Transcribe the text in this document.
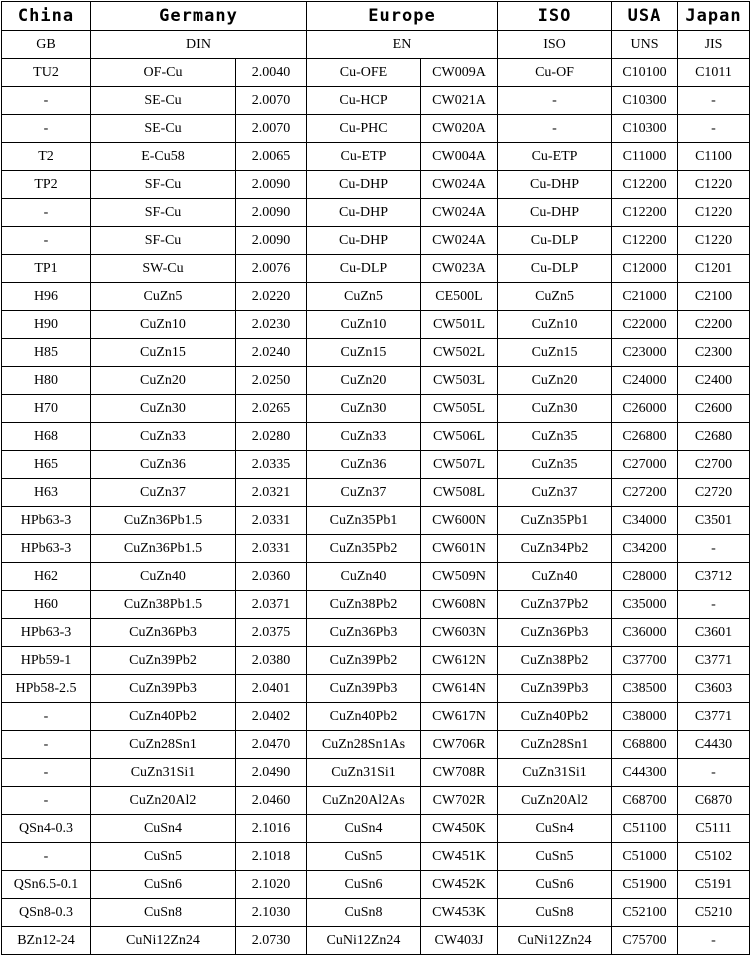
China	Germany		Europe		ISO	USA	Japan
GB	DIN		EN		ISO	UNS	JIS
TU2	OF-Cu	2.0040	Cu-OFE	CW009A	Cu-OF	C10100	C1011
-	SE-Cu	2.0070	Cu-HCP	CW021A	-	C10300	-
-	SE-Cu	2.0070	Cu-PHC	CW020A	-	C10300	-
T2	E-Cu58	2.0065	Cu-ETP	CW004A	Cu-ETP	C11000	C1100
TP2	SF-Cu	2.0090	Cu-DHP	CW024A	Cu-DHP	C12200	C1220
-	SF-Cu	2.0090	Cu-DHP	CW024A	Cu-DHP	C12200	C1220
-	SF-Cu	2.0090	Cu-DHP	CW024A	Cu-DLP	C12200	C1220
TP1	SW-Cu	2.0076	Cu-DLP	CW023A	Cu-DLP	C12000	C1201
H96	CuZn5	2.0220	CuZn5	CE500L	CuZn5	C21000	C2100
H90	CuZn10	2.0230	CuZn10	CW501L	CuZn10	C22000	C2200
H85	CuZn15	2.0240	CuZn15	CW502L	CuZn15	C23000	C2300
H80	CuZn20	2.0250	CuZn20	CW503L	CuZn20	C24000	C2400
H70	CuZn30	2.0265	CuZn30	CW505L	CuZn30	C26000	C2600
H68	CuZn33	2.0280	CuZn33	CW506L	CuZn35	C26800	C2680
H65	CuZn36	2.0335	CuZn36	CW507L	CuZn35	C27000	C2700
H63	CuZn37	2.0321	CuZn37	CW508L	CuZn37	C27200	C2720
HPb63-3	CuZn36Pb1.5	2.0331	CuZn35Pb1	CW600N	CuZn35Pb1	C34000	C3501
HPb63-3	CuZn36Pb1.5	2.0331	CuZn35Pb2	CW601N	CuZn34Pb2	C34200	-
H62	CuZn40	2.0360	CuZn40	CW509N	CuZn40	C28000	C3712
H60	CuZn38Pb1.5	2.0371	CuZn38Pb2	CW608N	CuZn37Pb2	C35000	-
HPb63-3	CuZn36Pb3	2.0375	CuZn36Pb3	CW603N	CuZn36Pb3	C36000	C3601
HPb59-1	CuZn39Pb2	2.0380	CuZn39Pb2	CW612N	CuZn38Pb2	C37700	C3771
HPb58-2.5	CuZn39Pb3	2.0401	CuZn39Pb3	CW614N	CuZn39Pb3	C38500	C3603
-	CuZn40Pb2	2.0402	CuZn40Pb2	CW617N	CuZn40Pb2	C38000	C3771
-	CuZn28Sn1	2.0470	CuZn28Sn1As	CW706R	CuZn28Sn1	C68800	C4430
-	CuZn31Si1	2.0490	CuZn31Si1	CW708R	CuZn31Si1	C44300	-
-	CuZn20Al2	2.0460	CuZn20Al2As	CW702R	CuZn20Al2	C68700	C6870
QSn4-0.3	CuSn4	2.1016	CuSn4	CW450K	CuSn4	C51100	C5111
-	CuSn5	2.1018	CuSn5	CW451K	CuSn5	C51000	C5102
QSn6.5-0.1	CuSn6	2.1020	CuSn6	CW452K	CuSn6	C51900	C5191
QSn8-0.3	CuSn8	2.1030	CuSn8	CW453K	CuSn8	C52100	C5210
BZn12-24	CuNi12Zn24	2.0730	CuNi12Zn24	CW403J	CuNi12Zn24	C75700	-
